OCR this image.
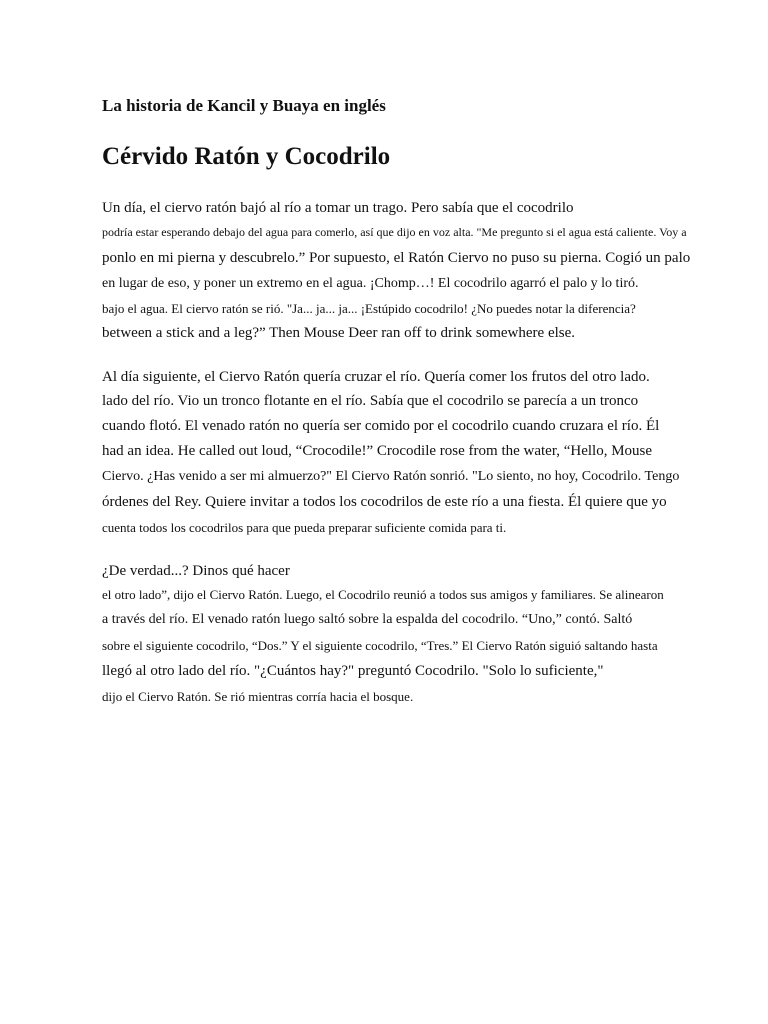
La historia de Kancil y Buaya en inglés
Cérvido Ratón y Cocodrilo
Un día, el ciervo ratón bajó al río a tomar un trago. Pero sabía que el cocodrilo
podría estar esperando debajo del agua para comerlo, así que dijo en voz alta. "Me pregunto si el agua está caliente. Voy a
ponlo en mi pierna y descubrelo.” Por supuesto, el Ratón Ciervo no puso su pierna. Cogió un palo
en lugar de eso, y poner un extremo en el agua. ¡Chomp…! El cocodrilo agarró el palo y lo tiró.
bajo el agua. El ciervo ratón se rió. "Ja... ja... ja... ¡Estúpido cocodrilo! ¿No puedes notar la diferencia?
between a stick and a leg?” Then Mouse Deer ran off to drink somewhere else.
Al día siguiente, el Ciervo Ratón quería cruzar el río. Quería comer los frutos del otro lado.
lado del río. Vio un tronco flotante en el río. Sabía que el cocodrilo se parecía a un tronco
cuando flotó. El venado ratón no quería ser comido por el cocodrilo cuando cruzara el río. Él
had an idea. He called out loud, “Crocodile!” Crocodile rose from the water, “Hello, Mouse
Ciervo. ¿Has venido a ser mi almuerzo?" El Ciervo Ratón sonrió. "Lo siento, no hoy, Cocodrilo. Tengo
órdenes del Rey. Quiere invitar a todos los cocodrilos de este río a una fiesta. Él quiere que yo
cuenta todos los cocodrilos para que pueda preparar suficiente comida para ti.
¿De verdad...? Dinos qué hacer
el otro lado”, dijo el Ciervo Ratón. Luego, el Cocodrilo reunió a todos sus amigos y familiares. Se alinearon
a través del río. El venado ratón luego saltó sobre la espalda del cocodrilo. “Uno,” contó. Saltó
sobre el siguiente cocodrilo, “Dos.” Y el siguiente cocodrilo, “Tres.” El Ciervo Ratón siguió saltando hasta
llegó al otro lado del río. "¿Cuántos hay?" preguntó Cocodrilo. "Solo lo suficiente,"
dijo el Ciervo Ratón. Se rió mientras corría hacia el bosque.
